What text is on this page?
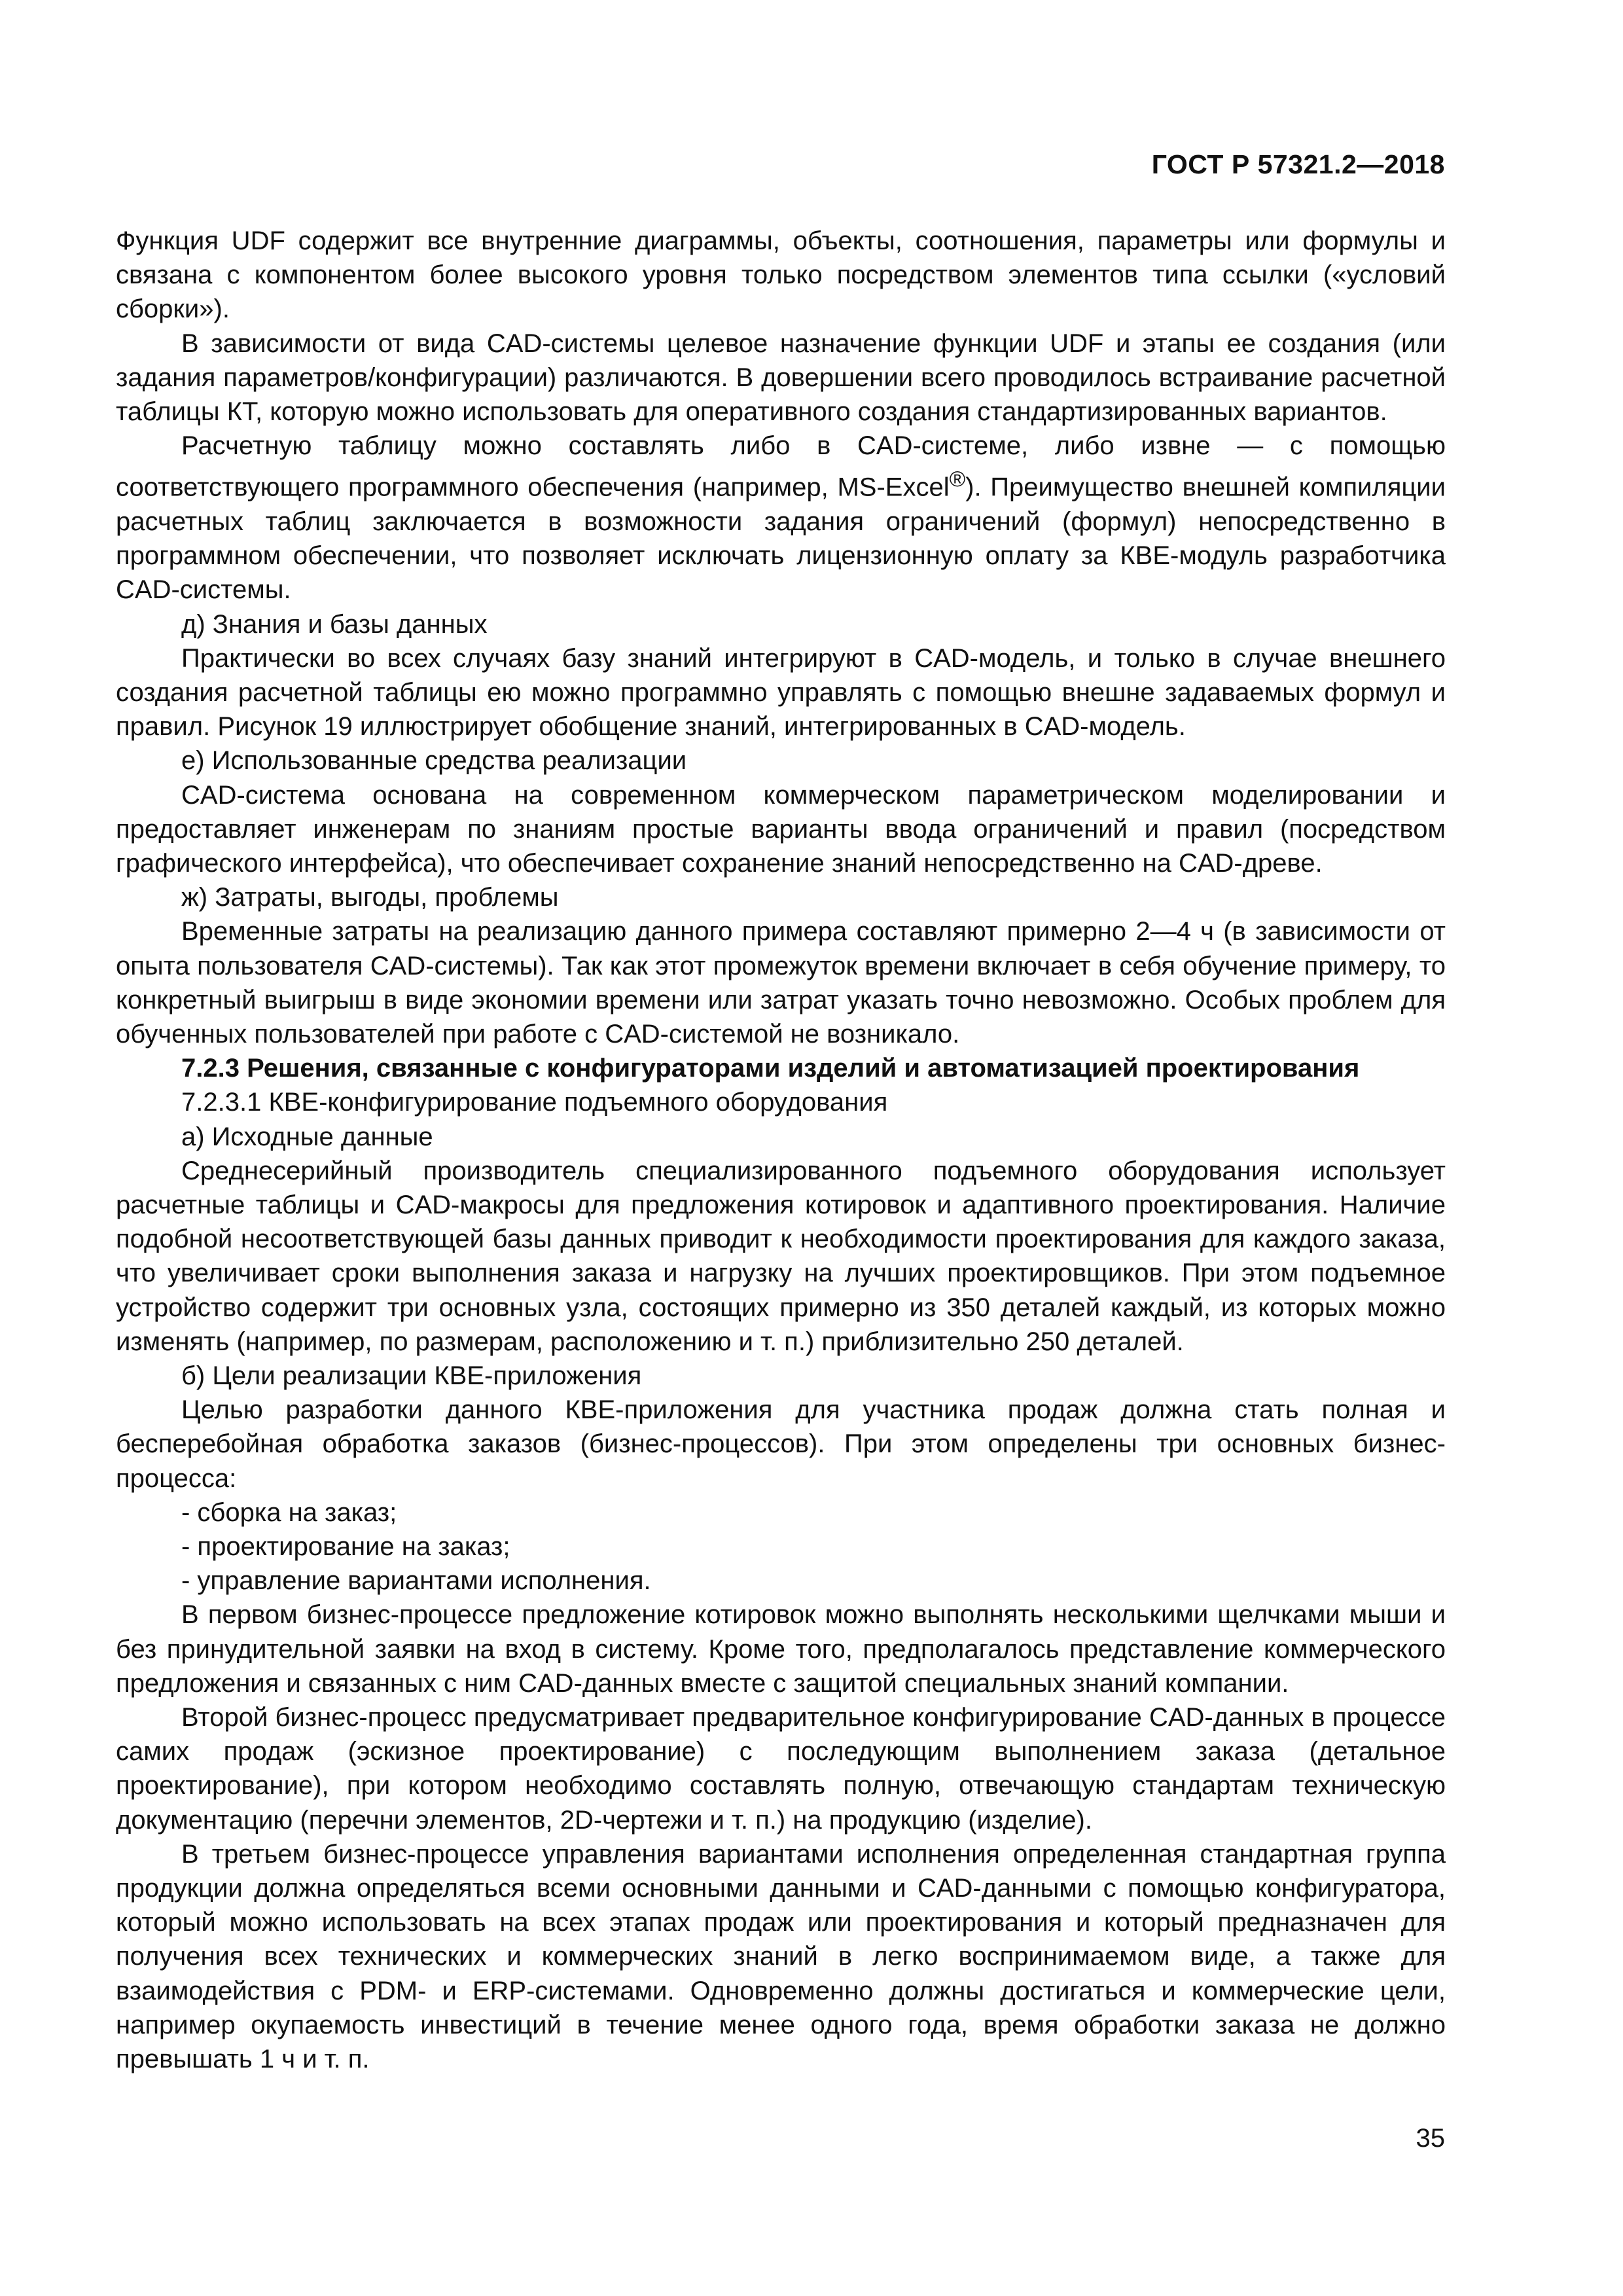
ГОСТ Р 57321.2—2018

Функция UDF содержит все внутренние диаграммы, объекты, соотношения, параметры или формулы и связана с компонентом более высокого уровня только посредством элементов типа ссылки («условий сборки»).

В зависимости от вида CAD-системы целевое назначение функции UDF и этапы ее создания (или задания параметров/конфигурации) различаются. В довершении всего проводилось встраивание расчетной таблицы КТ, которую можно использовать для оперативного создания стандартизированных вариантов.

Расчетную таблицу можно составлять либо в CAD-системе, либо извне — с помощью соответствующего программного обеспечения (например, MS-Excel®). Преимущество внешней компиляции расчетных таблиц заключается в возможности задания ограничений (формул) непосредственно в программном обеспечении, что позволяет исключать лицензионную оплату за КВЕ-модуль разработчика CAD-системы.

д) Знания и базы данных

Практически во всех случаях базу знаний интегрируют в CAD-модель, и только в случае внешнего создания расчетной таблицы ею можно программно управлять с помощью внешне задаваемых формул и правил. Рисунок 19 иллюстрирует обобщение знаний, интегрированных в CAD-модель.

е) Использованные средства реализации

CAD-система основана на современном коммерческом параметрическом моделировании и предоставляет инженерам по знаниям простые варианты ввода ограничений и правил (посредством графического интерфейса), что обеспечивает сохранение знаний непосредственно на CAD-древе.

ж) Затраты, выгоды, проблемы

Временные затраты на реализацию данного примера составляют примерно 2—4 ч (в зависимости от опыта пользователя CAD-системы). Так как этот промежуток времени включает в себя обучение примеру, то конкретный выигрыш в виде экономии времени или затрат указать точно невозможно. Особых проблем для обученных пользователей при работе с CAD-системой не возникало.

7.2.3 Решения, связанные с конфигураторами изделий и автоматизацией проектирования

7.2.3.1 КВЕ-конфигурирование подъемного оборудования

а) Исходные данные

Среднесерийный производитель специализированного подъемного оборудования использует расчетные таблицы и CAD-макросы для предложения котировок и адаптивного проектирования. Наличие подобной несоответствующей базы данных приводит к необходимости проектирования для каждого заказа, что увеличивает сроки выполнения заказа и нагрузку на лучших проектировщиков. При этом подъемное устройство содержит три основных узла, состоящих примерно из 350 деталей каждый, из которых можно изменять (например, по размерам, расположению и т. п.) приблизительно 250 деталей.

б) Цели реализации КВЕ-приложения

Целью разработки данного КВЕ-приложения для участника продаж должна стать полная и бесперебойная обработка заказов (бизнес-процессов). При этом определены три основных бизнес-процесса:

- сборка на заказ;

- проектирование на заказ;

- управление вариантами исполнения.

В первом бизнес-процессе предложение котировок можно выполнять несколькими щелчками мыши и без принудительной заявки на вход в систему. Кроме того, предполагалось представление коммерческого предложения и связанных с ним CAD-данных вместе с защитой специальных знаний компании.

Второй бизнес-процесс предусматривает предварительное конфигурирование CAD-данных в процессе самих продаж (эскизное проектирование) с последующим выполнением заказа (детальное проектирование), при котором необходимо составлять полную, отвечающую стандартам техническую документацию (перечни элементов, 2D-чертежи и т. п.) на продукцию (изделие).

В третьем бизнес-процессе управления вариантами исполнения определенная стандартная группа продукции должна определяться всеми основными данными и CAD-данными с помощью конфигуратора, который можно использовать на всех этапах продаж или проектирования и который предназначен для получения всех технических и коммерческих знаний в легко воспринимаемом виде, а также для взаимодействия с PDM- и ERP-системами. Одновременно должны достигаться и коммерческие цели, например окупаемость инвестиций в течение менее одного года, время обработки заказа не должно превышать 1 ч и т. п.

35
